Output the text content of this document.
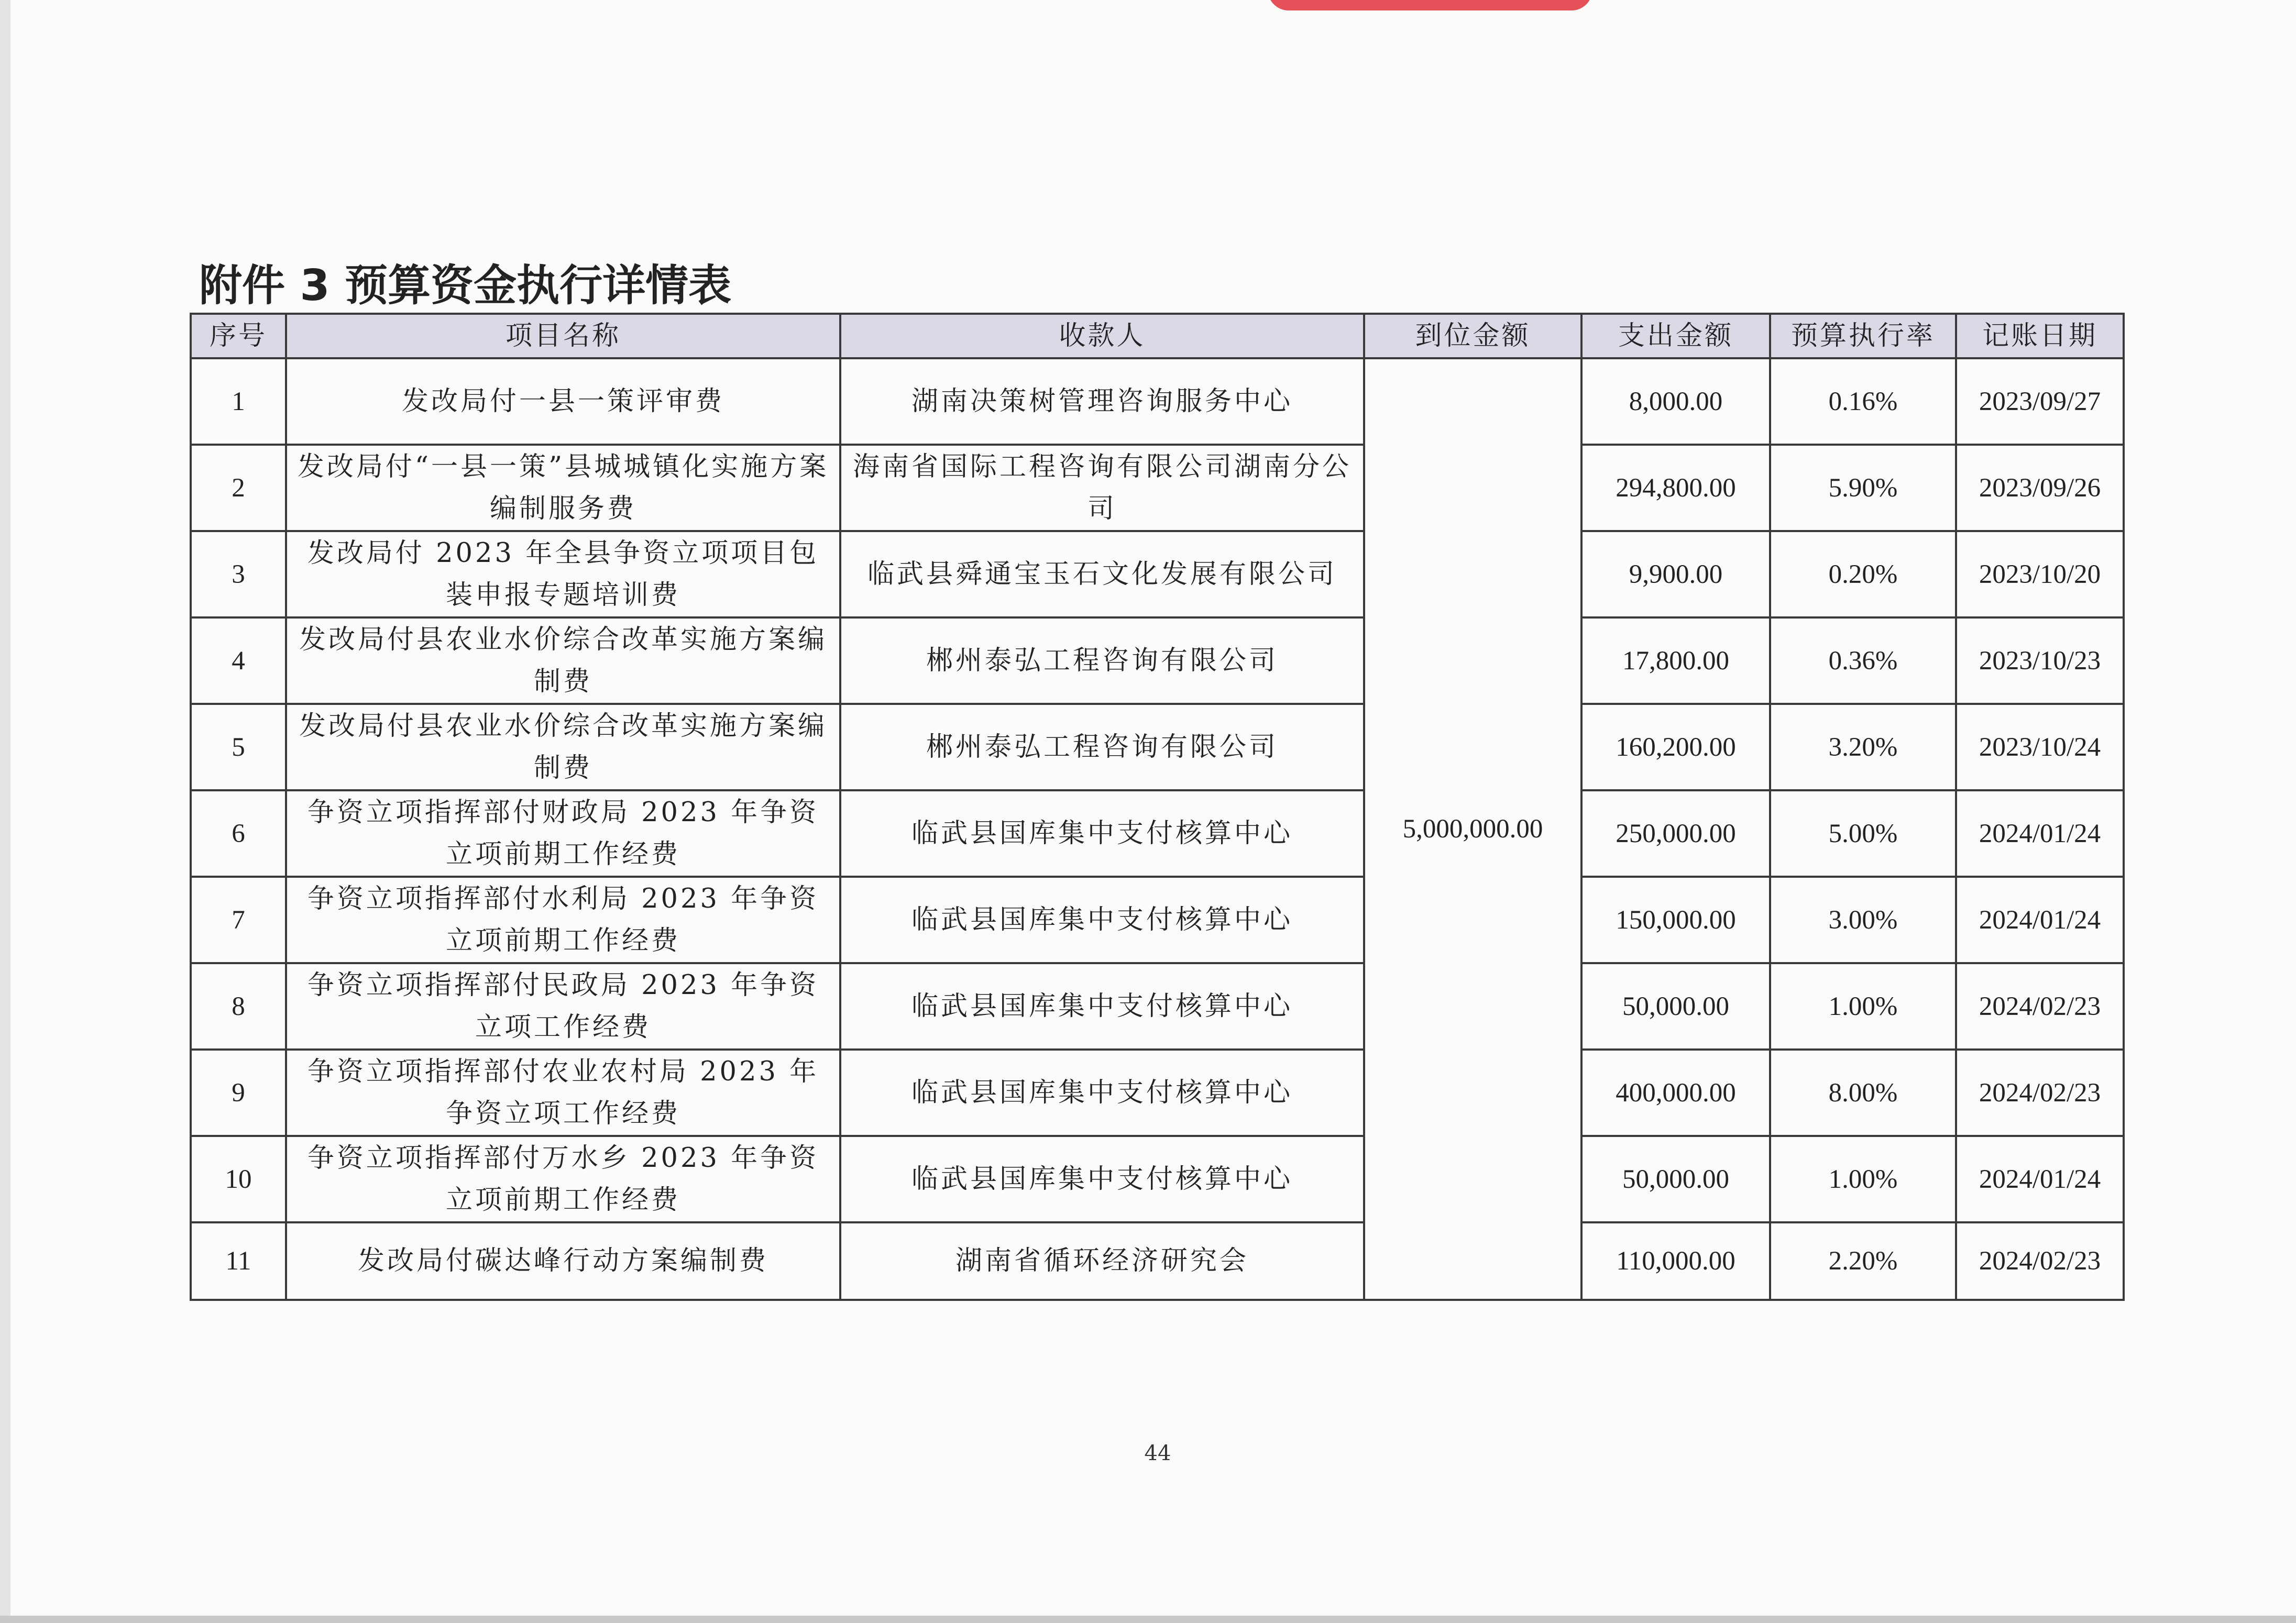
附件 3 预算资金执行详情表
序号	项目名称	收款人	到位金额	支出金额	预算执行率	记账日期
1	发改局付一县一策评审费	湖南决策树管理咨询服务中心	5,000,000.00	8,000.00	0.16%	2023/09/27
2	发改局付“一县一策”县城城镇化实施方案编制服务费	海南省国际工程咨询有限公司湖南分公司		294,800.00	5.90%	2023/09/26
3	发改局付 2023 年全县争资立项项目包装申报专题培训费	临武县舜通宝玉石文化发展有限公司		9,900.00	0.20%	2023/10/20
4	发改局付县农业水价综合改革实施方案编制费	郴州泰弘工程咨询有限公司		17,800.00	0.36%	2023/10/23
5	发改局付县农业水价综合改革实施方案编制费	郴州泰弘工程咨询有限公司		160,200.00	3.20%	2023/10/24
6	争资立项指挥部付财政局 2023 年争资立项前期工作经费	临武县国库集中支付核算中心		250,000.00	5.00%	2024/01/24
7	争资立项指挥部付水利局 2023 年争资立项前期工作经费	临武县国库集中支付核算中心		150,000.00	3.00%	2024/01/24
8	争资立项指挥部付民政局 2023 年争资立项工作经费	临武县国库集中支付核算中心		50,000.00	1.00%	2024/02/23
9	争资立项指挥部付农业农村局 2023 年争资立项工作经费	临武县国库集中支付核算中心		400,000.00	8.00%	2024/02/23
10	争资立项指挥部付万水乡 2023 年争资立项前期工作经费	临武县国库集中支付核算中心		50,000.00	1.00%	2024/01/24
11	发改局付碳达峰行动方案编制费	湖南省循环经济研究会		110,000.00	2.20%	2024/02/23
44
